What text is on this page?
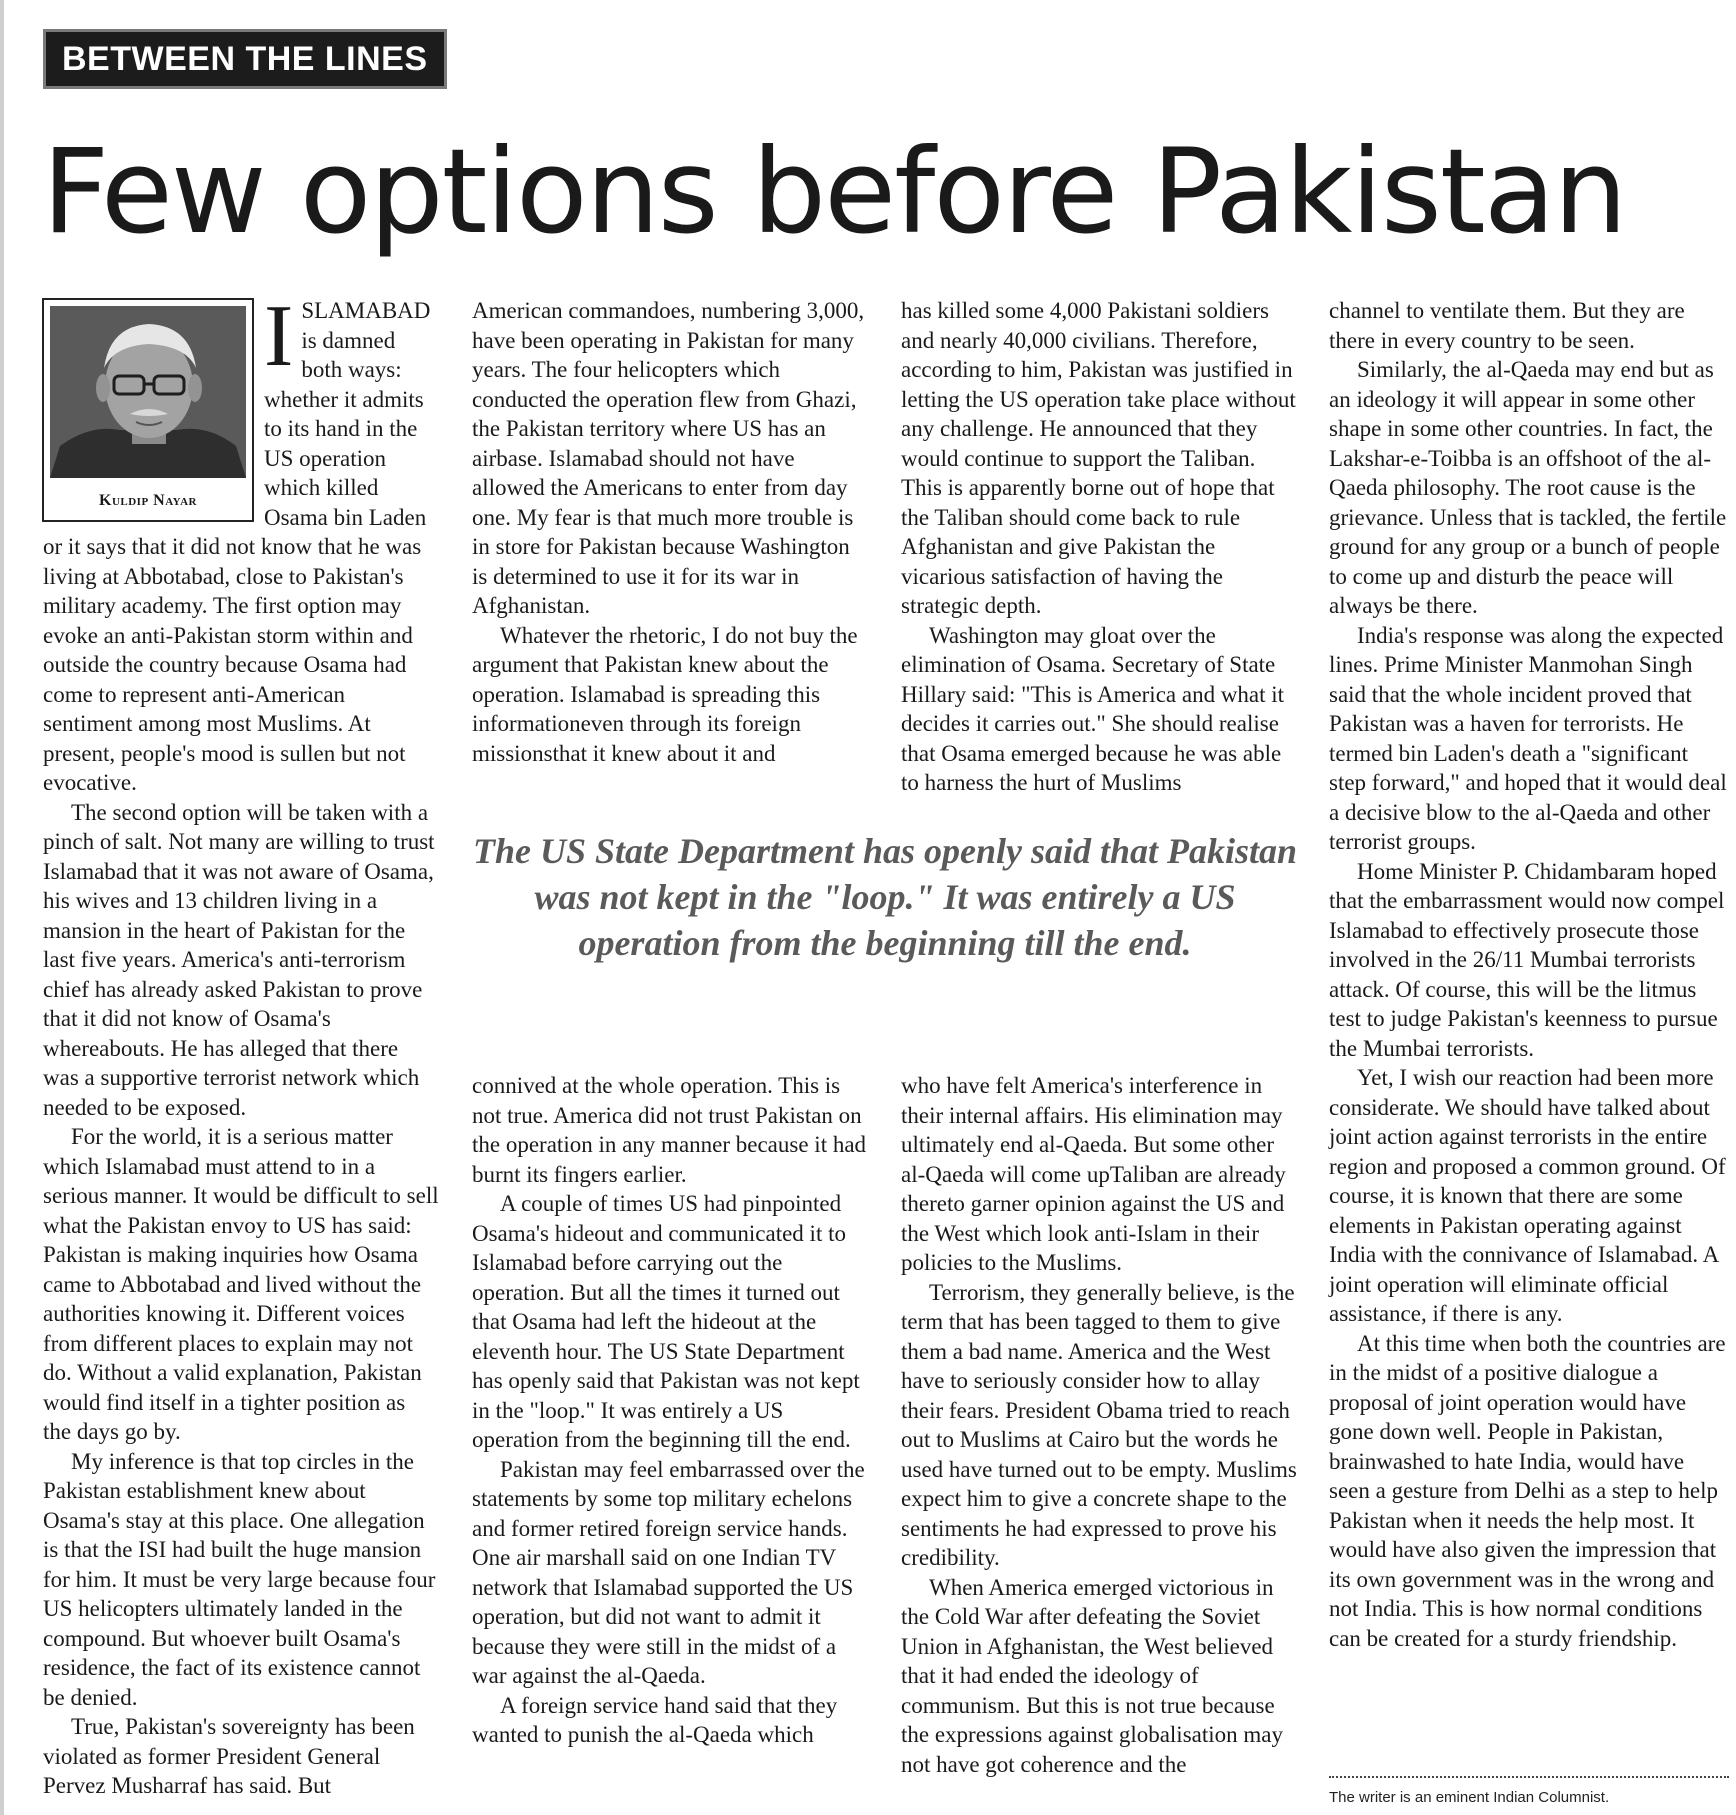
BETWEEN THE LINES
Few options before Pakistan
Kuldip Nayar
I SLAMABAD is damned both ways: whether it admits to its hand in the US operation which killed Osama bin Laden or it says that it did not know that he was living at Abbotabad, close to Pakistan's military academy. The first option may evoke an anti-Pakistan storm within and outside the country because Osama had come to represent anti-American sentiment among most Muslims. At present, people's mood is sullen but not evocative.

The second option will be taken with a pinch of salt. Not many are willing to trust Islamabad that it was not aware of Osama, his wives and 13 children living in a mansion in the heart of Pakistan for the last five years. America's anti-terrorism chief has already asked Pakistan to prove that it did not know of Osama's whereabouts. He has alleged that there was a supportive terrorist network which needed to be exposed.

For the world, it is a serious matter which Islamabad must attend to in a serious manner. It would be difficult to sell what the Pakistan envoy to US has said: Pakistan is making inquiries how Osama came to Abbotabad and lived without the authorities knowing it. Different voices from different places to explain may not do. Without a valid explanation, Pakistan would find itself in a tighter position as the days go by.

My inference is that top circles in the Pakistan establishment knew about Osama's stay at this place. One allegation is that the ISI had built the huge mansion for him. It must be very large because four US helicopters ultimately landed in the compound. But whoever built Osama's residence, the fact of its existence cannot be denied.

True, Pakistan's sovereignty has been violated as former President General Pervez Musharraf has said. But

American commandoes, numbering 3,000, have been operating in Pakistan for many years. The four helicopters which conducted the operation flew from Ghazi, the Pakistan territory where US has an airbase. Islamabad should not have allowed the Americans to enter from day one. My fear is that much more trouble is in store for Pakistan because Washington is determined to use it for its war in Afghanistan.

Whatever the rhetoric, I do not buy the argument that Pakistan knew about the operation. Islamabad is spreading this informationeven through its foreign missionsthat it knew about it and

has killed some 4,000 Pakistani soldiers and nearly 40,000 civilians. Therefore, according to him, Pakistan was justified in letting the US operation take place without any challenge. He announced that they would continue to support the Taliban. This is apparently borne out of hope that the Taliban should come back to rule Afghanistan and give Pakistan the vicarious satisfaction of having the strategic depth.

Washington may gloat over the elimination of Osama. Secretary of State Hillary said: "This is America and what it decides it carries out." She should realise that Osama emerged because he was able to harness the hurt of Muslims

The US State Department has openly said that Pakistan was not kept in the "loop." It was entirely a US operation from the beginning till the end.

connived at the whole operation. This is not true. America did not trust Pakistan on the operation in any manner because it had burnt its fingers earlier.

A couple of times US had pinpointed Osama's hideout and communicated it to Islamabad before carrying out the operation. But all the times it turned out that Osama had left the hideout at the eleventh hour. The US State Department has openly said that Pakistan was not kept in the "loop." It was entirely a US operation from the beginning till the end.

Pakistan may feel embarrassed over the statements by some top military echelons and former retired foreign service hands. One air marshall said on one Indian TV network that Islamabad supported the US operation, but did not want to admit it because they were still in the midst of a war against the al-Qaeda.

A foreign service hand said that they wanted to punish the al-Qaeda which

who have felt America's interference in their internal affairs. His elimination may ultimately end al-Qaeda. But some other al-Qaeda will come upTaliban are already thereto garner opinion against the US and the West which look anti-Islam in their policies to the Muslims.

Terrorism, they generally believe, is the term that has been tagged to them to give them a bad name. America and the West have to seriously consider how to allay their fears. President Obama tried to reach out to Muslims at Cairo but the words he used have turned out to be empty. Muslims expect him to give a concrete shape to the sentiments he had expressed to prove his credibility.

When America emerged victorious in the Cold War after defeating the Soviet Union in Afghanistan, the West believed that it had ended the ideology of communism. But this is not true because the expressions against globalisation may not have got coherence and the

channel to ventilate them. But they are there in every country to be seen.

Similarly, the al-Qaeda may end but as an ideology it will appear in some other shape in some other countries. In fact, the Lakshar-e-Toibba is an offshoot of the al-Qaeda philosophy. The root cause is the grievance. Unless that is tackled, the fertile ground for any group or a bunch of people to come up and disturb the peace will always be there.

India's response was along the expected lines. Prime Minister Manmohan Singh said that the whole incident proved that Pakistan was a haven for terrorists. He termed bin Laden's death a "significant step forward," and hoped that it would deal a decisive blow to the al-Qaeda and other terrorist groups.

Home Minister P. Chidambaram hoped that the embarrassment would now compel Islamabad to effectively prosecute those involved in the 26/11 Mumbai terrorists attack. Of course, this will be the litmus test to judge Pakistan's keenness to pursue the Mumbai terrorists.

Yet, I wish our reaction had been more considerate. We should have talked about joint action against terrorists in the entire region and proposed a common ground. Of course, it is known that there are some elements in Pakistan operating against India with the connivance of Islamabad. A joint operation will eliminate official assistance, if there is any.

At this time when both the countries are in the midst of a positive dialogue a proposal of joint operation would have gone down well. People in Pakistan, brainwashed to hate India, would have seen a gesture from Delhi as a step to help Pakistan when it needs the help most. It would have also given the impression that its own government was in the wrong and not India. This is how normal conditions can be created for a sturdy friendship.

The writer is an eminent Indian Columnist.
